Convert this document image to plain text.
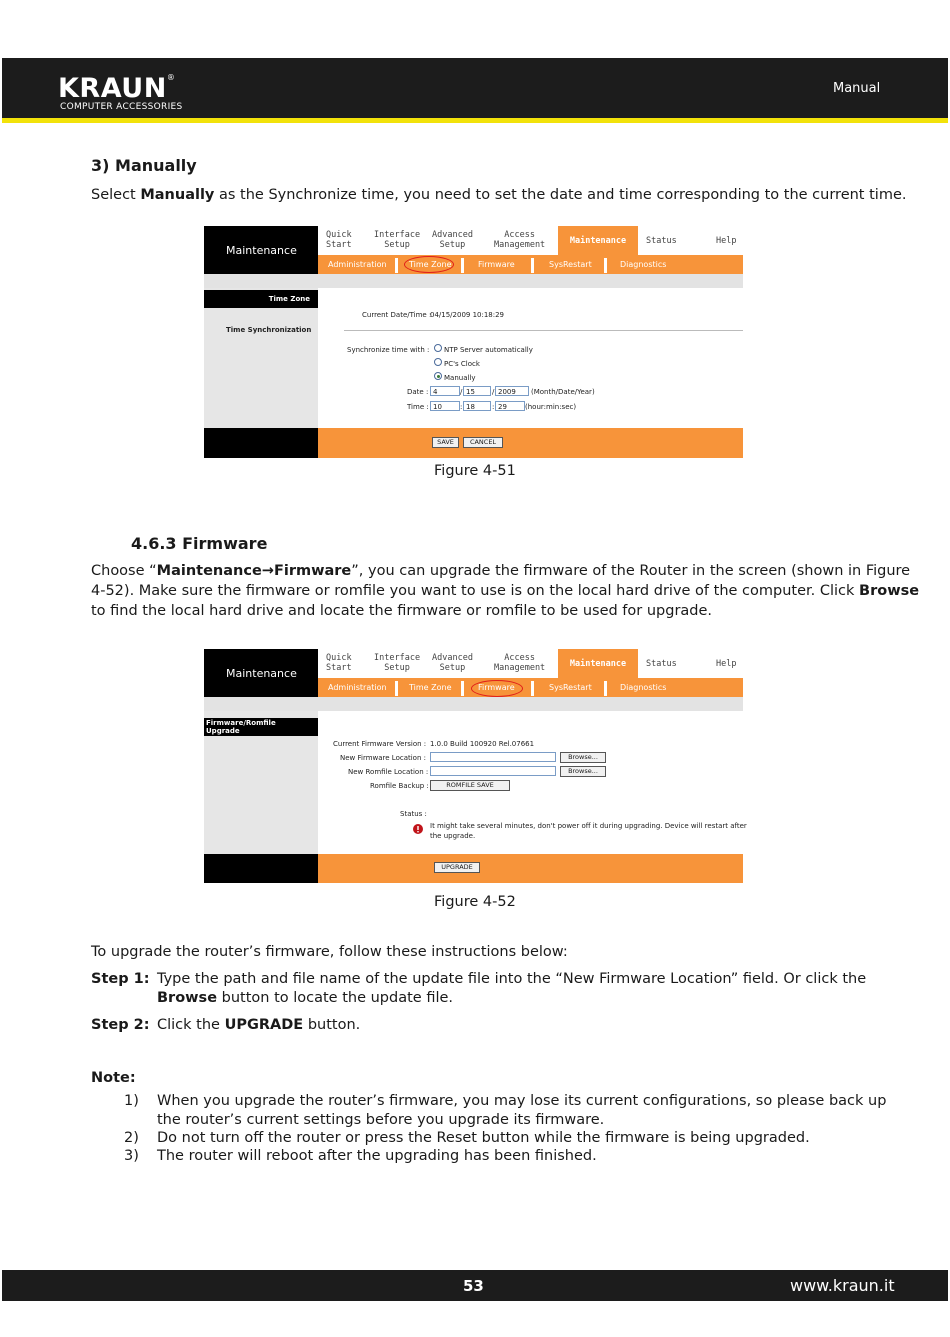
KRAUN®
COMPUTER ACCESSORIES
Manual
3) Manually
Select Manually as the Synchronize time, you need to set the date and time corresponding to the current time.
Maintenance
Quick
Start
Interface
Setup
Advanced
Setup
Access
Management	Maintenance	Status	Help
Administration	Time Zone	Firmware	SysRestart	Diagnostics
Time Zone
Time Synchronization
Current Date/Time :
04/15/2009 10:18:29
Synchronize time with : NTP Server automatically
PC's Clock
Manually
Date : 4	/ 15	/ 2009	(Month/Date/Year)
Time : 10	: 18	: 29	(hour:min:sec)
SAVE	CANCEL
Figure 4-51
4.6.3 Firmware
Choose “Maintenance→Firmware”, you can upgrade the firmware of the Router in the screen (shown in Figure
4-52). Make sure the firmware or romfile you want to use is on the local hard drive of the computer. Click Browse
to find the local hard drive and locate the firmware or romfile to be used for upgrade.
Maintenance
Quick
Start
Interface
Setup
Advanced
Setup
Access
Management	Maintenance	Status	Help
Administration	Time Zone	Firmware	SysRestart	Diagnostics
Firmware/Romfile Upgrade
Current Firmware Version : 1.0.0 Build 100920 Rel.07661
New Firmware Location :	Browse...
New Romfile Location :	Browse...
Romfile Backup :	ROMFILE SAVE
Status :
It might take several minutes, don't power off it during upgrading. Device will restart after
the upgrade.
UPGRADE
Figure 4-52
To upgrade the router’s firmware, follow these instructions below:
Step 1: Type the path and file name of the update file into the “New Firmware Location” field. Or click the
Browse button to locate the update file.
Step 2: Click the UPGRADE button.
Note:
1) When you upgrade the router’s firmware, you may lose its current configurations, so please back up
the router’s current settings before you upgrade its firmware.
2) Do not turn off the router or press the Reset button while the firmware is being upgraded.
3) The router will reboot after the upgrading has been finished.
53	www.kraun.it
